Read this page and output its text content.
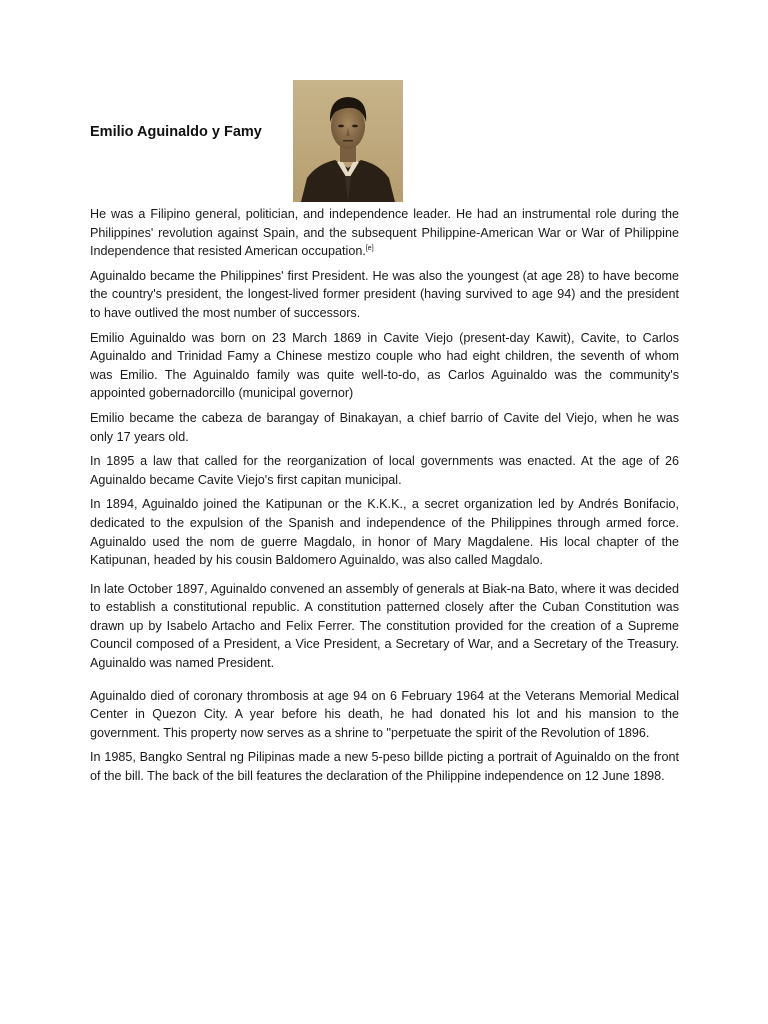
Emilio Aguinaldo y Famy

He was a Filipino general, politician, and independence leader. He had an instrumental role during the Philippines' revolution against Spain, and the subsequent Philippine-American War or War of Philippine Independence that resisted American occupation.[e]

Aguinaldo became the Philippines' first President. He was also the youngest (at age 28) to have become the country's president, the longest-lived former president (having survived to age 94) and the president to have outlived the most number of successors.

Emilio Aguinaldo was born on 23 March 1869 in Cavite Viejo (present-day Kawit), Cavite, to Carlos Aguinaldo and Trinidad Famy a Chinese mestizo couple who had eight children, the seventh of whom was Emilio. The Aguinaldo family was quite well-to-do, as Carlos Aguinaldo was the community's appointed gobernadorcillo (municipal governor)

Emilio became the cabeza de barangay of Binakayan, a chief barrio of Cavite del Viejo, when he was only 17 years old.

In 1895 a law that called for the reorganization of local governments was enacted. At the age of 26 Aguinaldo became Cavite Viejo's first capitan municipal.

In 1894, Aguinaldo joined the Katipunan or the K.K.K., a secret organization led by Andrés Bonifacio, dedicated to the expulsion of the Spanish and independence of the Philippines through armed force. Aguinaldo used the nom de guerre Magdalo, in honor of Mary Magdalene. His local chapter of the Katipunan, headed by his cousin Baldomero Aguinaldo, was also called Magdalo.

In late October 1897, Aguinaldo convened an assembly of generals at Biak-na Bato, where it was decided to establish a constitutional republic. A constitution patterned closely after the Cuban Constitution was drawn up by Isabelo Artacho and Felix Ferrer. The constitution provided for the creation of a Supreme Council composed of a President, a Vice President, a Secretary of War, and a Secretary of the Treasury. Aguinaldo was named President.

Aguinaldo died of coronary thrombosis at age 94 on 6 February 1964 at the Veterans Memorial Medical Center in Quezon City. A year before his death, he had donated his lot and his mansion to the government. This property now serves as a shrine to "perpetuate the spirit of the Revolution of 1896.

In 1985, Bangko Sentral ng Pilipinas made a new 5-peso billde picting a portrait of Aguinaldo on the front of the bill. The back of the bill features the declaration of the Philippine independence on 12 June 1898.
